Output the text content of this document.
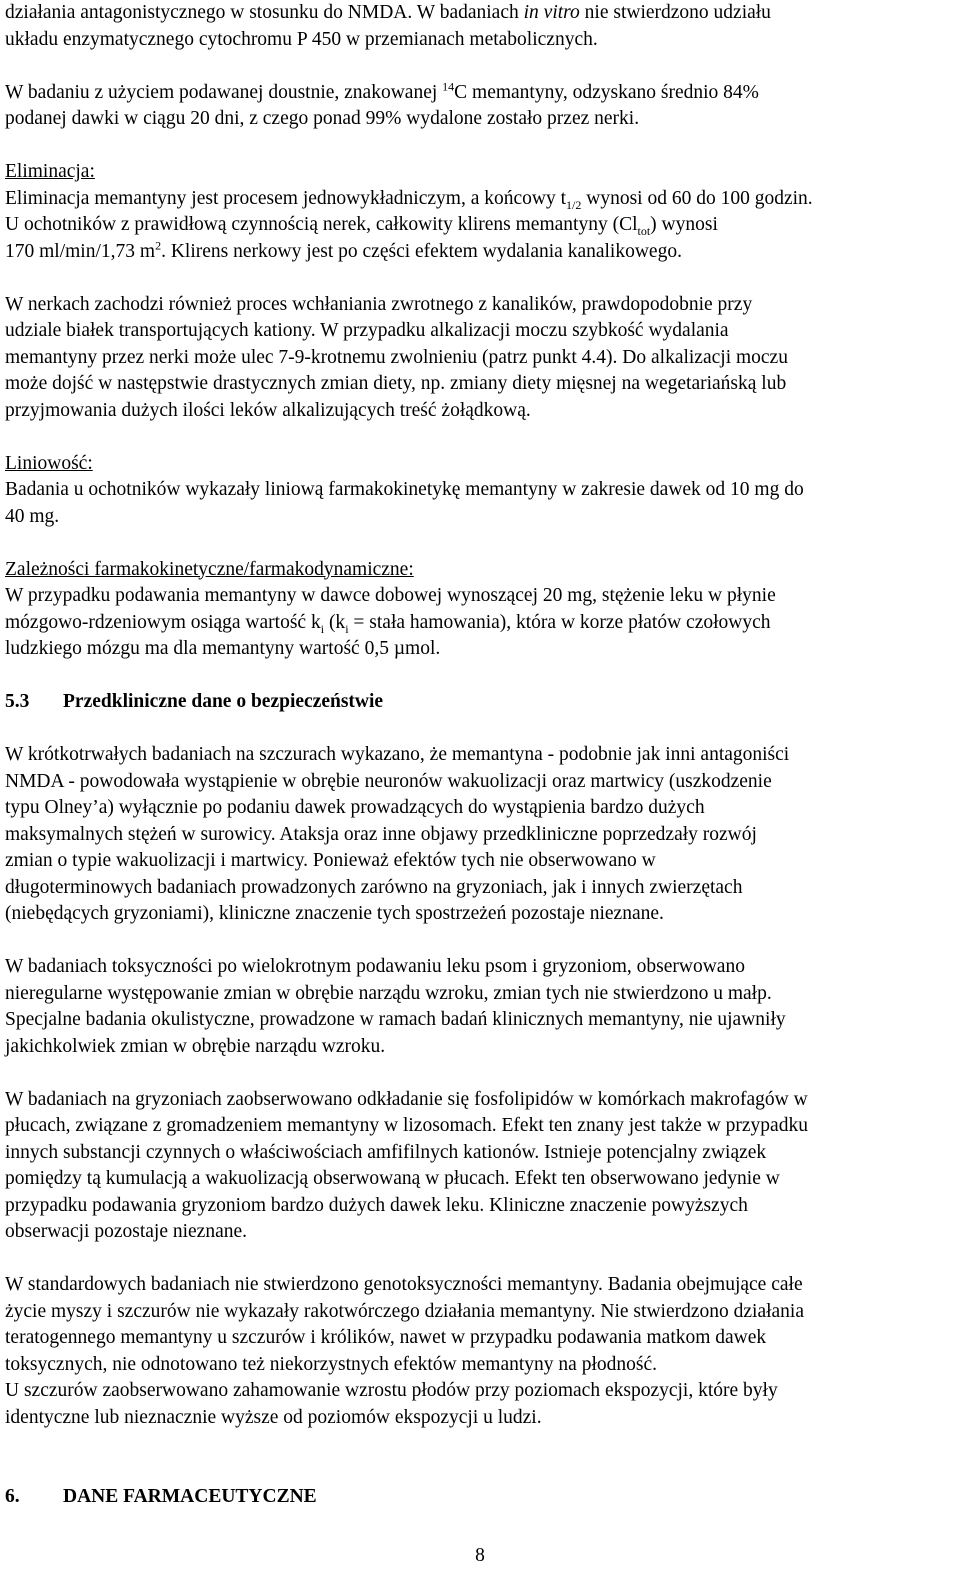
działania antagonistycznego w stosunku do NMDA. W badaniach in vitro nie stwierdzono udziału
układu enzymatycznego cytochromu P 450 w przemianach metabolicznych.

W badaniu z użyciem podawanej doustnie, znakowanej $^{14}$C memantyny, odzyskano średnio 84%
podanej dawki w ciągu 20 dni, z czego ponad 99% wydalone zostało przez nerki.

Eliminacja:
Eliminacja memantyny jest procesem jednowykładniczym, a końcowy $t_{1/2}$ wynosi od 60 do 100 godzin.
U ochotników z prawidłową czynnością nerek, całkowity klirens memantyny $(Cl_{tot})$ wynosi
170 ml/min/1,73 $m^2$. Klirens nerkowy jest po części efektem wydalania kanalikowego.

W nerkach zachodzi również proces wchłaniania zwrotnego z kanalików, prawdopodobnie przy
udziale białek transportujących kationy. W przypadku alkalizacji moczu szybkość wydalania
memantyny przez nerki może ulec 7-9-krotnemu zwolnieniu (patrz punkt 4.4). Do alkalizacji moczu
może dojść w następstwie drastycznych zmian diety, np. zmiany diety mięsnej na wegetariańską lub
przyjmowania dużych ilości leków alkalizujących treść żołądkową.

Liniowość:
Badania u ochotników wykazały liniową farmakokinetykę memantyny w zakresie dawek od 10 mg do
40 mg.

Zależności farmakokinetyczne/farmakodynamiczne:
W przypadku podawania memantyny w dawce dobowej wynoszącej 20 mg, stężenie leku w płynie
mózgowo-rdzeniowym osiąga wartość $k_i$ ($k_i$ = stała hamowania), która w korze płatów czołowych
ludzkiego mózgu ma dla memantyny wartość 0,5 µmol.

5.3 Przedkliniczne dane o bezpieczeństwie

W krótkotrwałych badaniach na szczurach wykazano, że memantyna - podobnie jak inni antagoniści
NMDA - powodowała wystąpienie w obrębie neuronów wakuolizacji oraz martwicy (uszkodzenie
typu Olney’a) wyłącznie po podaniu dawek prowadzących do wystąpienia bardzo dużych
maksymalnych stężeń w surowicy. Ataksja oraz inne objawy przedkliniczne poprzedzały rozwój
zmian o typie wakuolizacji i martwicy. Ponieważ efektów tych nie obserwowano w
długoterminowych badaniach prowadzonych zarówno na gryzoniach, jak i innych zwierzętach
(niebędących gryzoniami), kliniczne znaczenie tych spostrzeżeń pozostaje nieznane.

W badaniach toksyczności po wielokrotnym podawaniu leku psom i gryzoniom, obserwowano
nieregularne występowanie zmian w obrębie narządu wzroku, zmian tych nie stwierdzono u małp.
Specjalne badania okulistyczne, prowadzone w ramach badań klinicznych memantyny, nie ujawniły
jakichkolwiek zmian w obrębie narządu wzroku.

W badaniach na gryzoniach zaobserwowano odkładanie się fosfolipidów w komórkach makrofagów w
płucach, związane z gromadzeniem memantyny w lizosomach. Efekt ten znany jest także w przypadku
innych substancji czynnych o właściwościach amfifilnych kationów. Istnieje potencjalny związek
pomiędzy tą kumulacją a wakuolizacją obserwowaną w płucach. Efekt ten obserwowano jedynie w
przypadku podawania gryzoniom bardzo dużych dawek leku. Kliniczne znaczenie powyższych
obserwacji pozostaje nieznane.

W standardowych badaniach nie stwierdzono genotoksyczności memantyny. Badania obejmujące całe
życie myszy i szczurów nie wykazały rakotwórczego działania memantyny. Nie stwierdzono działania
teratogennego memantyny u szczurów i królików, nawet w przypadku podawania matkom dawek
toksycznych, nie odnotowano też niekorzystnych efektów memantyny na płodność.
U szczurów zaobserwowano zahamowanie wzrostu płodów przy poziomach ekspozycji, które były
identyczne lub nieznacznie wyższe od poziomów ekspozycji u ludzi.

6. DANE FARMACEUTYCZNE
8
